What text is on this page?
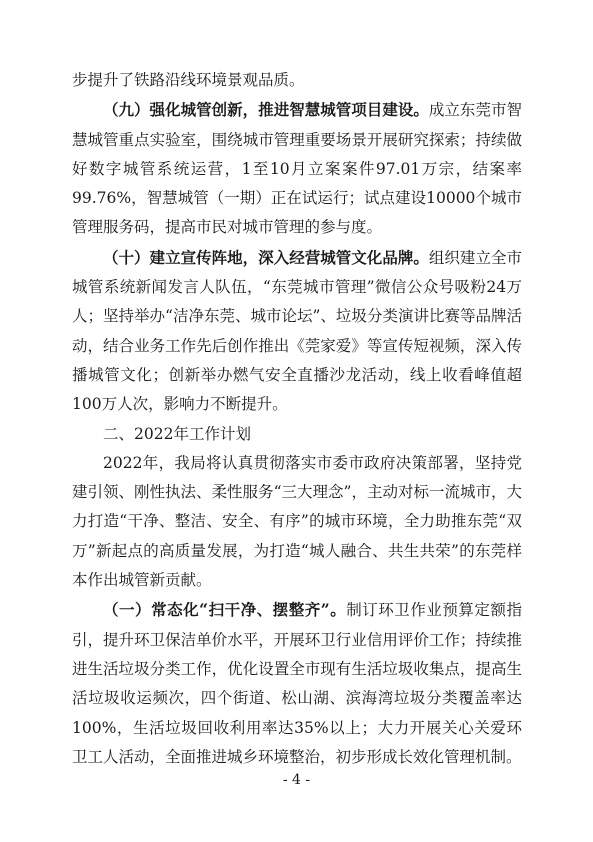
步提升了铁路沿线环境景观品质。

（九）强化城管创新，推进智慧城管项目建设。成立东莞市智慧城管重点实验室，围绕城市管理重要场景开展研究探索；持续做好数字城管系统运营，1至10月立案案件97.01万宗，结案率99.76%，智慧城管（一期）正在试运行；试点建设10000个城市管理服务码，提高市民对城市管理的参与度。

（十）建立宣传阵地，深入经营城管文化品牌。组织建立全市城管系统新闻发言人队伍，“东莞城市管理”微信公众号吸粉24万人；坚持举办“洁净东莞、城市论坛”、垃圾分类演讲比赛等品牌活动，结合业务工作先后创作推出《莞家爱》等宣传短视频，深入传播城管文化；创新举办燃气安全直播沙龙活动，线上收看峰值超100万人次，影响力不断提升。

二、2022年工作计划

2022年，我局将认真贯彻落实市委市政府决策部署，坚持党建引领、刚性执法、柔性服务“三大理念”，主动对标一流城市，大力打造“干净、整洁、安全、有序”的城市环境，全力助推东莞“双万”新起点的高质量发展，为打造“城人融合、共生共荣”的东莞样本作出城管新贡献。

（一）常态化“扫干净、摆整齐”。制订环卫作业预算定额指引，提升环卫保洁单价水平，开展环卫行业信用评价工作；持续推进生活垃圾分类工作，优化设置全市现有生活垃圾收集点，提高生活垃圾收运频次，四个街道、松山湖、滨海湾垃圾分类覆盖率达100%，生活垃圾回收利用率达35%以上；大力开展关心关爱环卫工人活动，全面推进城乡环境整治，初步形成长效化管理机制。

- 4 -
